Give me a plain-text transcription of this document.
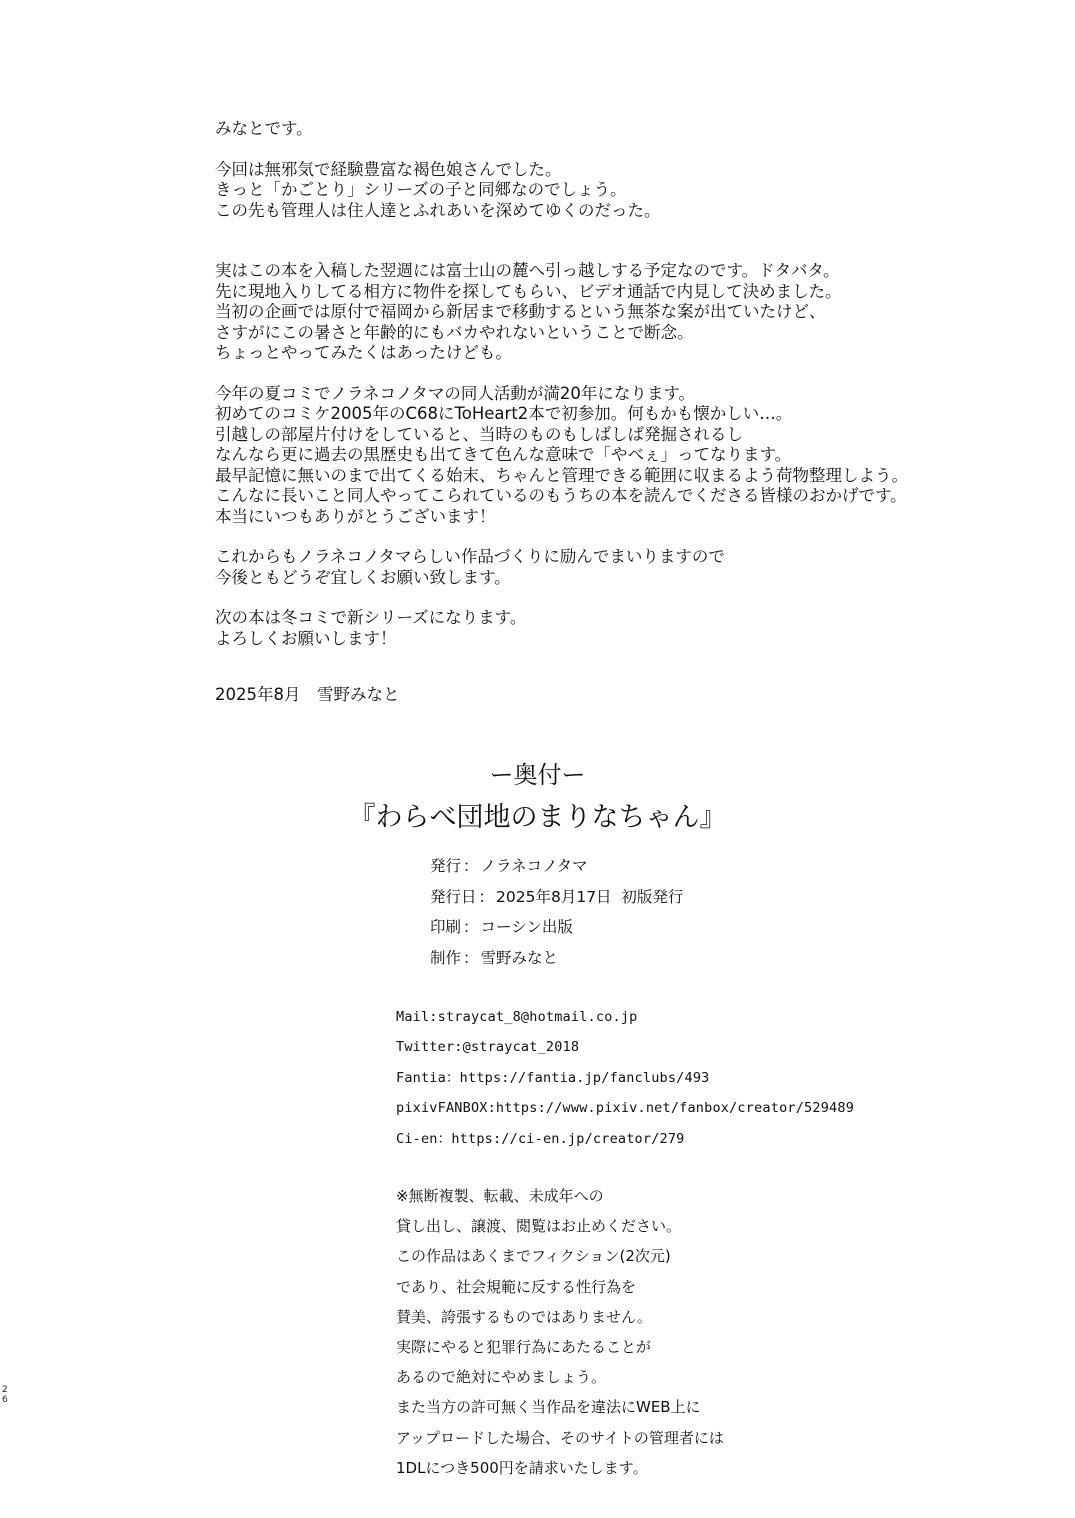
みなとです。

今回は無邪気で経験豊富な褐色娘さんでした。
きっと「かごとり」シリーズの子と同郷なのでしょう。
この先も管理人は住人達とふれあいを深めてゆくのだった。

実はこの本を入稿した翌週には富士山の麓へ引っ越しする予定なのです。ドタバタ。
先に現地入りしてる相方に物件を探してもらい、ビデオ通話で内見して決めました。
当初の企画では原付で福岡から新居まで移動するという無茶な案が出ていたけど、
さすがにこの暑さと年齢的にもバカやれないということで断念。
ちょっとやってみたくはあったけども。

今年の夏コミでノラネコノタマの同人活動が満20年になります。
初めてのコミケ2005年のC68にToHeart2本で初参加。何もかも懐かしい…。
引越しの部屋片付けをしていると、当時のものもしばしば発掘されるし
なんなら更に過去の黒歴史も出てきて色んな意味で「やべぇ」ってなります。
最早記憶に無いのまで出てくる始末、ちゃんと管理できる範囲に収まるよう荷物整理しよう。
こんなに長いこと同人やってこられているのもうちの本を読んでくださる皆様のおかげです。
本当にいつもありがとうございます！

これからもノラネコノタマらしい作品づくりに励んでまいりますので
今後ともどうぞ宜しくお願い致します。

次の本は冬コミで新シリーズになります。
よろしくお願いします！

2025年8月　雪野みなと

ー奥付ー
『わらべ団地のまりなちゃん』
発行 ： ノラネコノタマ
発行日 ： 2025年8月17日  初版発行
印刷 ： コーシン出版
制作 ： 雪野みなと
Mail:straycat_8@hotmail.co.jp
Twitter:@straycat_2018
Fantia：https://fantia.jp/fanclubs/493
pixivFANBOX:https://www.pixiv.net/fanbox/creator/529489
Ci-en：https://ci-en.jp/creator/279
※無断複製、転載、未成年への
貸し出し、譲渡、閲覧はお止めください。
この作品はあくまでフィクション(2次元)
であり、社会規範に反する性行為を
賛美、誇張するものではありません。
実際にやると犯罪行為にあたることが
あるので絶対にやめましょう。
また当方の許可無く当作品を違法にWEB上に
アップロードした場合、そのサイトの管理者には
1DLにつき500円を請求いたします。
26
